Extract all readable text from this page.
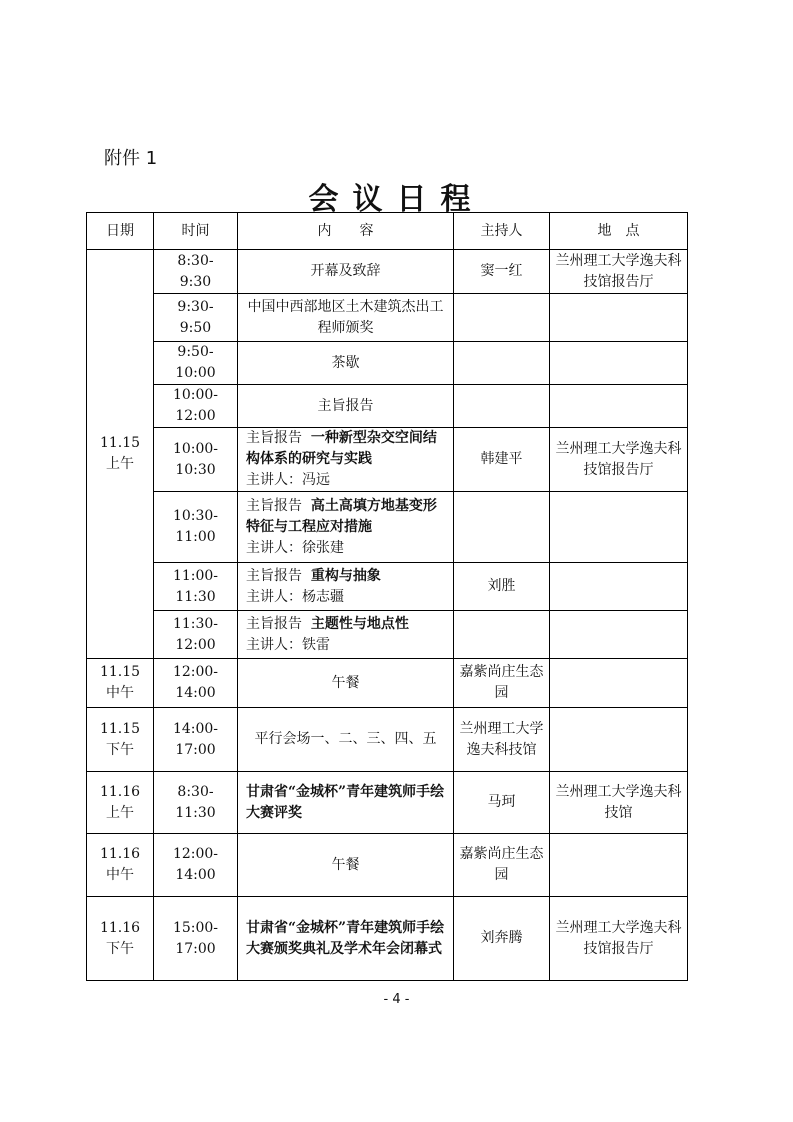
附件 1
会议日程
日期	时间	内　　容	主持人	地　点
11.15
上午	8:30-
9:30	开幕及致辞	窦一红	兰州理工大学逸夫科技馆报告厅
	9:30-
9:50	中国中西部地区土木建筑杰出工程师颁奖		
	9:50-
10:00	茶歇		
	10:00-
12:00	主旨报告		
	10:00-
10:30	主旨报告 一种新型杂交空间结构体系的研究与实践
主讲人：冯远	韩建平	兰州理工大学逸夫科技馆报告厅
	10:30-
11:00	主旨报告 高土高填方地基变形特征与工程应对措施
主讲人：徐张建		
	11:00-
11:30	主旨报告 重构与抽象
主讲人：杨志疆	刘胜	
	11:30-
12:00	主旨报告 主题性与地点性
主讲人：铁雷		
11.15
中午	12:00-
14:00	午餐	嘉紫尚庄生态园	
11.15
下午	14:00-
17:00	平行会场一、二、三、四、五	兰州理工大学逸夫科技馆	
11.16
上午	8:30-
11:30	甘肃省“金城杯”青年建筑师手绘大赛评奖	马珂	兰州理工大学逸夫科技馆
11.16
中午	12:00-
14:00	午餐	嘉紫尚庄生态园	
11.16
下午	15:00-
17:00	甘肃省“金城杯”青年建筑师手绘大赛颁奖典礼及学术年会闭幕式	刘奔腾	兰州理工大学逸夫科技馆报告厅
- 4 -
